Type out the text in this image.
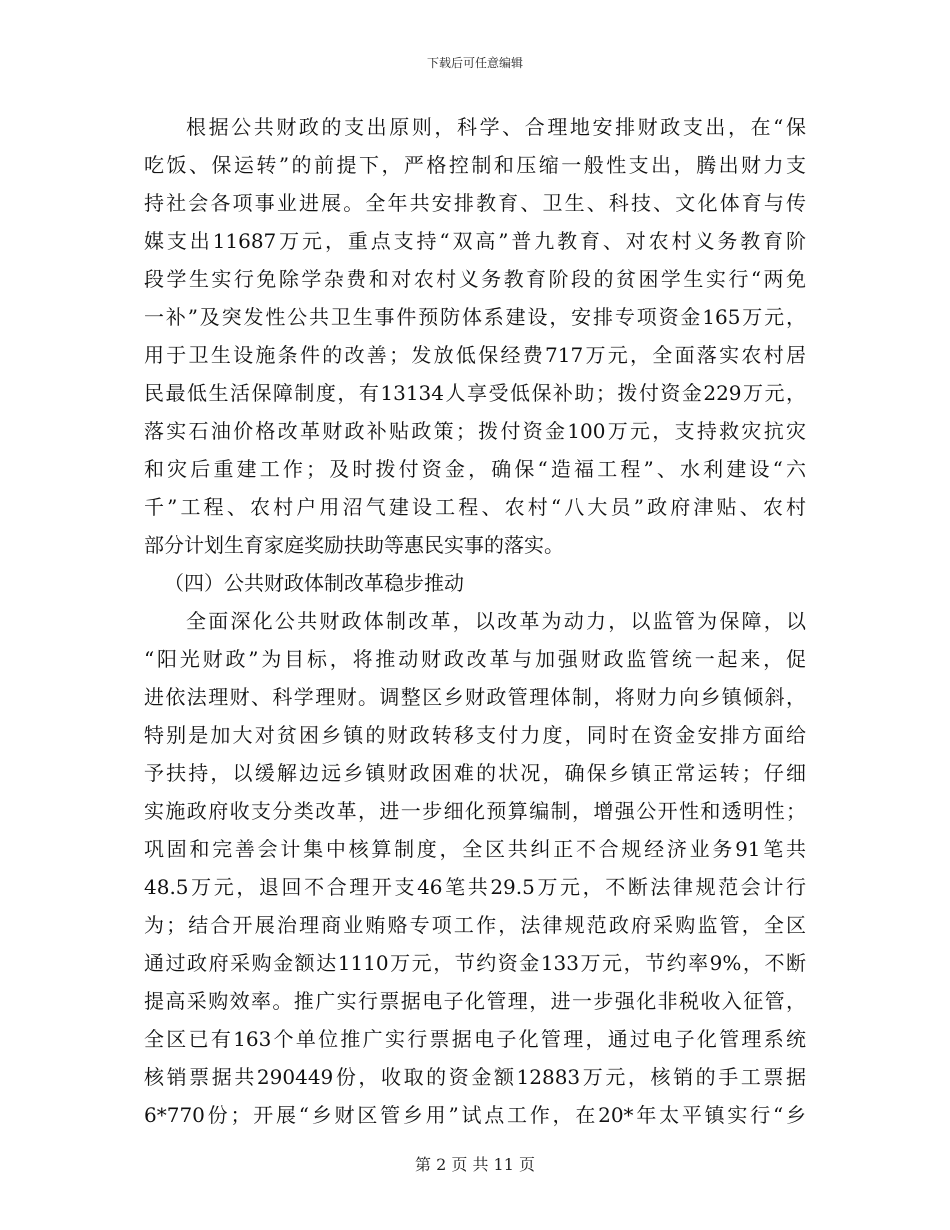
下载后可任意编辑
根据公共财政的支出原则，科学、合理地安排财政支出，在“保
吃饭、保运转”的前提下，严格控制和压缩一般性支出，腾出财力支
持社会各项事业进展。全年共安排教育、卫生、科技、文化体育与传
媒支出11687万元，重点支持“双高”普九教育、对农村义务教育阶
段学生实行免除学杂费和对农村义务教育阶段的贫困学生实行“两免
一补”及突发性公共卫生事件预防体系建设，安排专项资金165万元，
用于卫生设施条件的改善；发放低保经费717万元，全面落实农村居
民最低生活保障制度，有13134人享受低保补助；拨付资金229万元，
落实石油价格改革财政补贴政策；拨付资金100万元，支持救灾抗灾
和灾后重建工作；及时拨付资金，确保“造福工程”、水利建设“六
千”工程、农村户用沼气建设工程、农村“八大员”政府津贴、农村
部分计划生育家庭奖励扶助等惠民实事的落实。
（四）公共财政体制改革稳步推动
全面深化公共财政体制改革，以改革为动力，以监管为保障，以
“阳光财政”为目标，将推动财政改革与加强财政监管统一起来，促
进依法理财、科学理财。调整区乡财政管理体制，将财力向乡镇倾斜，
特别是加大对贫困乡镇的财政转移支付力度，同时在资金安排方面给
予扶持，以缓解边远乡镇财政困难的状况，确保乡镇正常运转；仔细
实施政府收支分类改革，进一步细化预算编制，增强公开性和透明性；
巩固和完善会计集中核算制度，全区共纠正不合规经济业务91笔共
48.5万元，退回不合理开支46笔共29.5万元，不断法律规范会计行
为；结合开展治理商业贿赂专项工作，法律规范政府采购监管，全区
通过政府采购金额达1110万元，节约资金133万元，节约率9%，不断
提高采购效率。推广实行票据电子化管理，进一步强化非税收入征管，
全区已有163个单位推广实行票据电子化管理，通过电子化管理系统
核销票据共290449份，收取的资金额12883万元，核销的手工票据
6*770份；开展“乡财区管乡用”试点工作，在20*年太平镇实行“乡
第 2 页 共 11 页
